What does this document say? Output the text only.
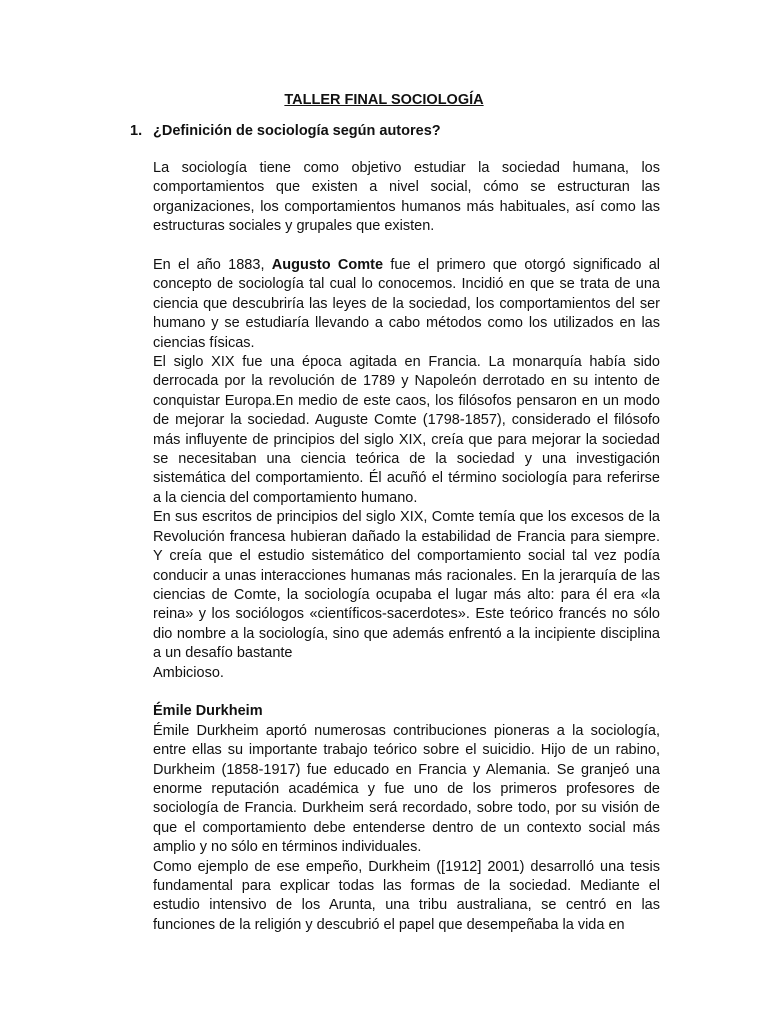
TALLER FINAL SOCIOLOGÍA
1. ¿Definición de sociología según autores?

La sociología tiene como objetivo estudiar la sociedad humana, los comportamientos que existen a nivel social, cómo se estructuran las organizaciones, los comportamientos humanos más habituales, así como las estructuras sociales y grupales que existen.

En el año 1883, Augusto Comte fue el primero que otorgó significado al concepto de sociología tal cual lo conocemos. Incidió en que se trata de una ciencia que descubriría las leyes de la sociedad, los comportamientos del ser humano y se estudiaría llevando a cabo métodos como los utilizados en las ciencias físicas.

El siglo XIX fue una época agitada en Francia. La monarquía había sido derrocada por la revolución de 1789 y Napoleón derrotado en su intento de conquistar Europa.En medio de este caos, los filósofos pensaron en un modo de mejorar la sociedad. Auguste Comte (1798-1857), considerado el filósofo más influyente de principios del siglo XIX, creía que para mejorar la sociedad se necesitaban una ciencia teórica de la sociedad y una investigación sistemática del comportamiento. Él acuñó el término sociología para referirse a la ciencia del comportamiento humano.

En sus escritos de principios del siglo XIX, Comte temía que los excesos de la Revolución francesa hubieran dañado la estabilidad de Francia para siempre. Y creía que el estudio sistemático del comportamiento social tal vez podía conducir a unas interacciones humanas más racionales. En la jerarquía de las ciencias de Comte, la sociología ocupaba el lugar más alto: para él era «la reina» y los sociólogos «científicos-sacerdotes». Este teórico francés no sólo dio nombre a la sociología, sino que además enfrentó a la incipiente disciplina a un desafío bastante

Ambicioso.

Émile Durkheim

Émile Durkheim aportó numerosas contribuciones pioneras a la sociología, entre ellas su importante trabajo teórico sobre el suicidio. Hijo de un rabino, Durkheim (1858-1917) fue educado en Francia y Alemania. Se granjeó una enorme reputación académica y fue uno de los primeros profesores de sociología de Francia. Durkheim será recordado, sobre todo, por su visión de que el comportamiento debe entenderse dentro de un contexto social más amplio y no sólo en términos individuales.

Como ejemplo de ese empeño, Durkheim ([1912] 2001) desarrolló una tesis fundamental para explicar todas las formas de la sociedad. Mediante el estudio intensivo de los Arunta, una tribu australiana, se centró en las funciones de la religión y descubrió el papel que desempeñaba la vida en
